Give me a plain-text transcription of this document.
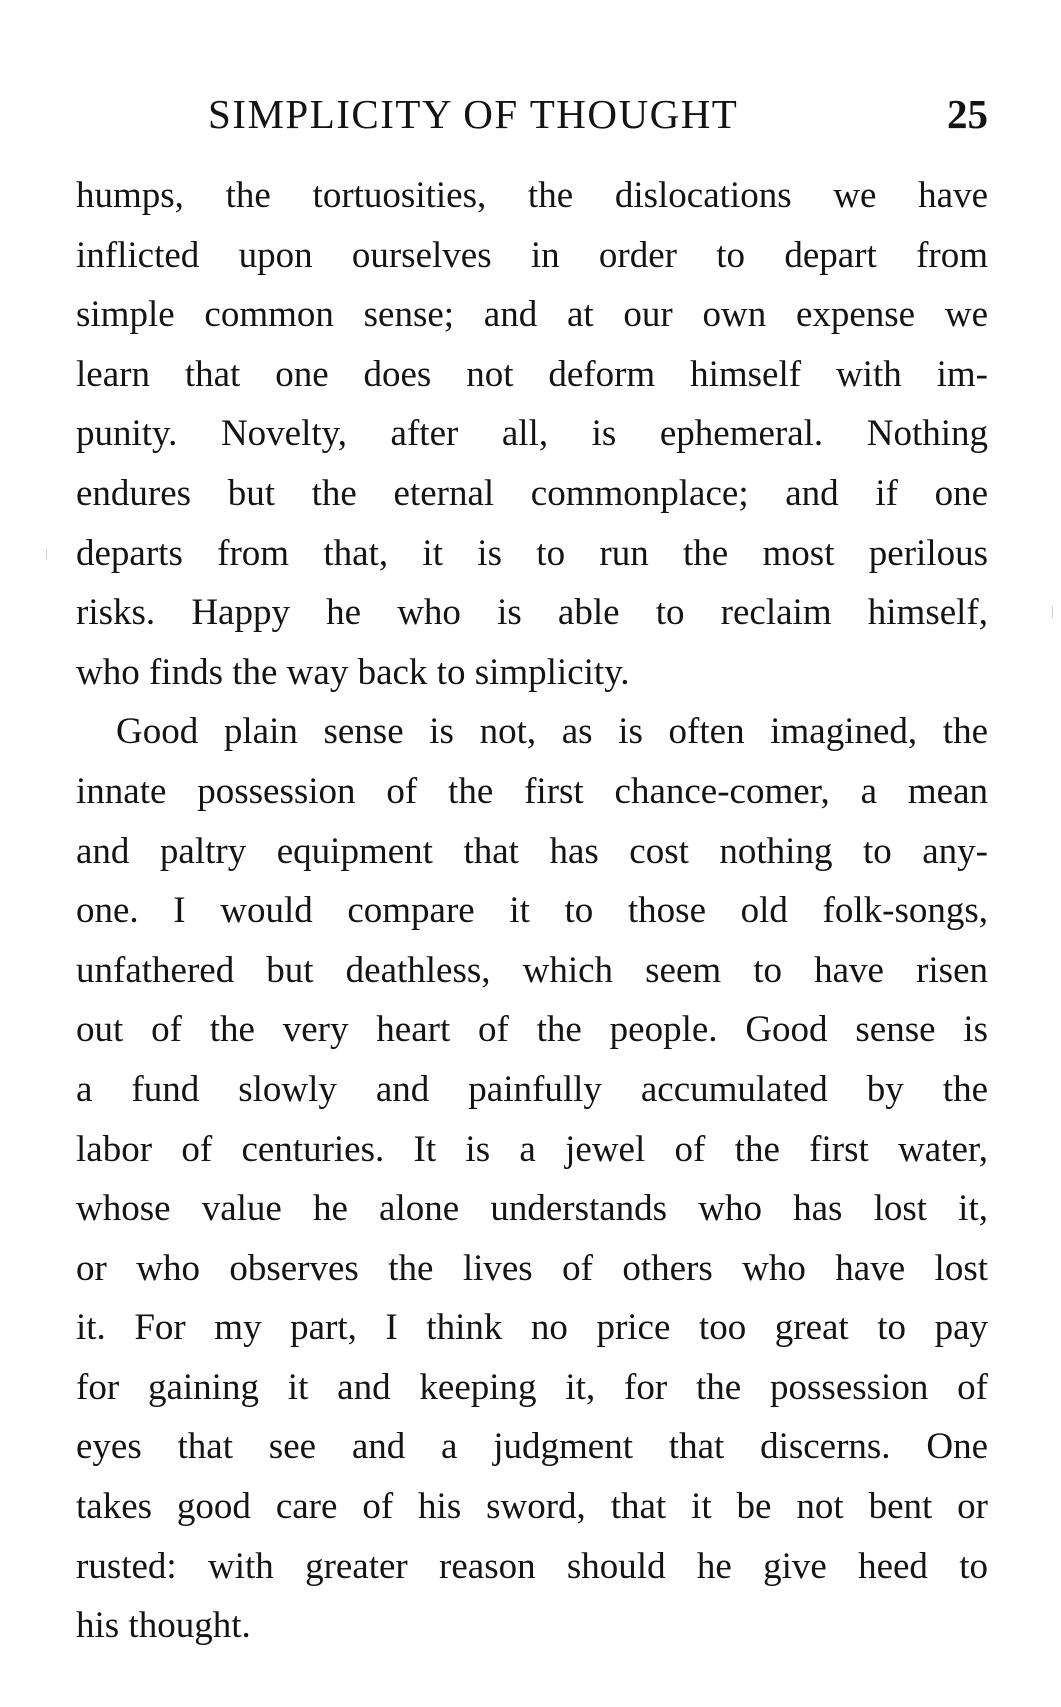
SIMPLICITY OF THOUGHT	25
humps, the tortuosities, the dislocations we have
inflicted upon ourselves in order to depart from
simple common sense; and at our own expense we
learn that one does not deform himself with im-
punity. Novelty, after all, is ephemeral. Nothing
endures but the eternal commonplace; and if one
departs from that, it is to run the most perilous
risks. Happy he who is able to reclaim himself,
who finds the way back to simplicity.
Good plain sense is not, as is often imagined, the
innate possession of the first chance-comer, a mean
and paltry equipment that has cost nothing to any-
one. I would compare it to those old folk-songs,
unfathered but deathless, which seem to have risen
out of the very heart of the people. Good sense is
a fund slowly and painfully accumulated by the
labor of centuries. It is a jewel of the first water,
whose value he alone understands who has lost it,
or who observes the lives of others who have lost
it. For my part, I think no price too great to pay
for gaining it and keeping it, for the possession of
eyes that see and a judgment that discerns. One
takes good care of his sword, that it be not bent or
rusted: with greater reason should he give heed to
his thought.
